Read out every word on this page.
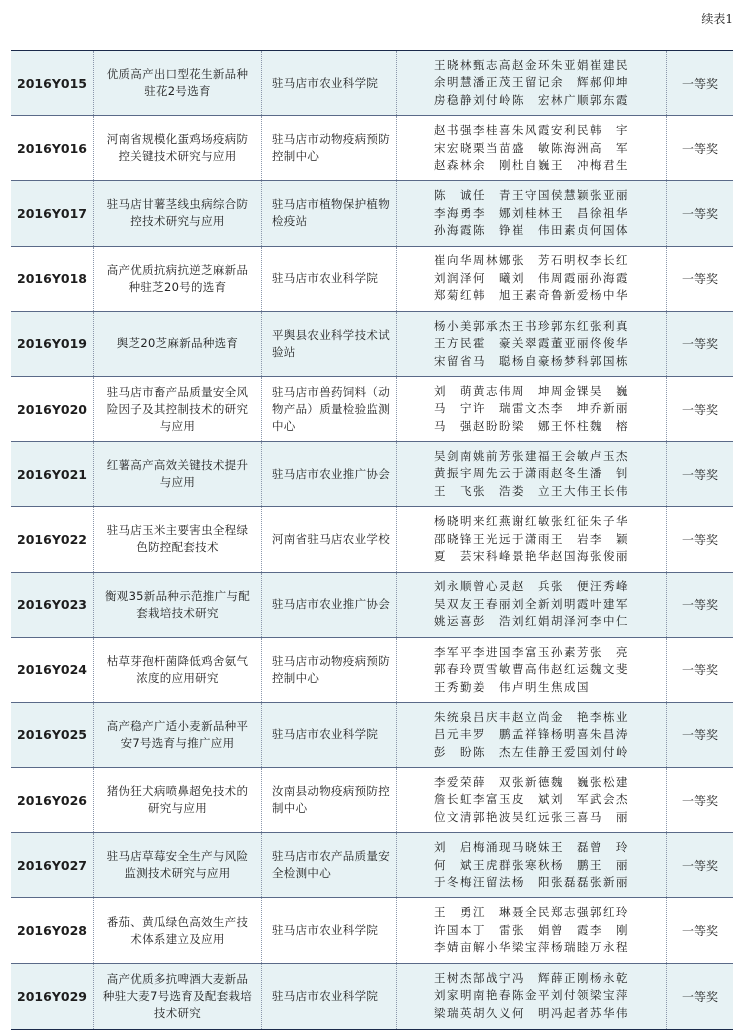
续表1
2016Y015
优质高产出口型花生新品种驻花2号选育
驻马店市农业科学院
王晓林 甄志高 赵金环 朱亚娟 崔建民
余明慧 潘正茂 王留记 余　辉 郝仰坤
房稳静 刘付岭 陈　宏 林广顺 郭东霞
一等奖
2016Y016
河南省规模化蛋鸡场疫病防控关键技术研究与应用
驻马店市动物疫病预防控制中心
赵书强 李桂喜 朱风霞 安利民 韩　宇
宋宏晓 栗当苗 盛　敏 陈海洲 高　军
赵森林 余　刚 杜自巍 王　冲 梅君生
一等奖
2016Y017
驻马店甘薯茎线虫病综合防控技术研究与应用
驻马店市植物保护植物检疫站
陈　诚 任　青 王守国 侯慧颖 张亚丽
李海勇 李　娜 刘桂林 王　昌 徐祖华
孙海霞 陈　铮 崔　伟 田素贞 何国体
一等奖
2016Y018
高产优质抗病抗逆芝麻新品种驻芝20号的选育
驻马店市农业科学院
崔向华 周林娜 张　芳 石明权 李长红
刘润泽 何　曦 刘　伟 周霞丽 孙海霞
郑菊红 韩　旭 王素奇 鲁新爱 杨中华
一等奖
2016Y019	舆芝20芝麻新品种选育
平舆县农业科学技术试验站
杨小美 郭承杰 王书珍 郭东红 张利真
王方民 霍　豪 关翠霞 董亚丽 佟俊华
宋留省 马　聪 杨自豪 杨梦科 郭国栋
一等奖
2016Y020
驻马店市畜产品质量安全风险因子及其控制技术的研究与应用
驻马店市兽药饲料（动物产品）质量检验监测中心
刘　萌 黄志伟 周　坤 周金锞 吴　巍
马　宁 许　瑞 雷文杰 李　坤 乔新丽
马　强 赵盼盼 梁　娜 王怀柱 魏　榕
一等奖
2016Y021
红薯高产高效关键技术提升与应用
驻马店市农业推广协会
吴剑南 姚前芳 张建福 王会敏 卢玉杰
黄振宇 周先云 于潇雨 赵冬生 潘　钊
王　飞 张　浩 娄　立 王大伟 王长伟
一等奖
2016Y022
驻马店玉米主要害虫全程绿色防控配套技术
河南省驻马店农业学校
杨晓明 来红燕 谢红敏 张红征 朱子华
邵晓锋 王光远 于潇雨 王　岩 李　颖
夏　芸 宋科峰 景艳华 赵国海 张俊丽
一等奖
2016Y023
衡观35新品种示范推广与配套栽培技术研究
驻马店市农业推广协会
刘永顺 曾心灵 赵　兵 张　便 汪秀峰
吴双友 王春丽 刘全新 刘明霞 叶建军
姚运喜 彭　浩 刘红娟 胡泽河 李中仁
一等奖
2016Y024
枯草芽孢杆菌降低鸡舍氨气浓度的应用研究
驻马店市动物疫病预防控制中心
李军平 李进国 李富玉 孙素芳 张　亮
郭春玲 贾雪敏 曹高伟 赵红运 魏文斐
王秀勤 姜　伟 卢明生 焦成国
一等奖
2016Y025
高产稳产广适小麦新品种平安7号选育与推广应用
驻马店市农业科学院
朱统泉 吕庆丰 赵立尚 金　艳 李栋业
吕元丰 罗　鹏 孟祥锋 杨明喜 朱昌涛
彭　盼 陈　杰 左佳静 王爱国 刘付岭
一等奖
2016Y026
猪伪狂犬病喷鼻超免技术的研究与应用
汝南县动物疫病预防控制中心
李爱荣 薛　双 张新德 魏　巍 张松建
詹长虹 李富玉 皮　斌 刘　军 武会杰
位文清 郭艳波 吴红远 张三喜 马　丽
一等奖
2016Y027
驻马店草莓安全生产与风险监测技术研究与应用
驻马店市农产品质量安全检测中心
刘　启 梅涌现 马晓妹 王　磊 曾　玲
何　斌 王虎群 张寒秋 杨　鹏 王　丽
于冬梅 汪留法 杨　阳 张磊磊 张新丽
一等奖
2016Y028
番茄、黄瓜绿色高效生产技术体系建立及应用
驻马店市农业科学院
王　勇 江　琳 聂全民 郑志强 郭红玲
许国本 丁　雷 张　娟 曾　霞 李　刚
李婧亩 解小华 梁宝萍 杨瑞睦 万永程
一等奖
2016Y029
高产优质多抗啤酒大麦新品种驻大麦7号选育及配套栽培技术研究
驻马店市农业科学院
王树杰 郜战宁 冯　辉 薛正刚 杨永乾
刘家明 南艳春 陈金平 刘付领 梁宝萍
梁瑞英 胡久义 何　明 冯起者 苏华伟
一等奖
